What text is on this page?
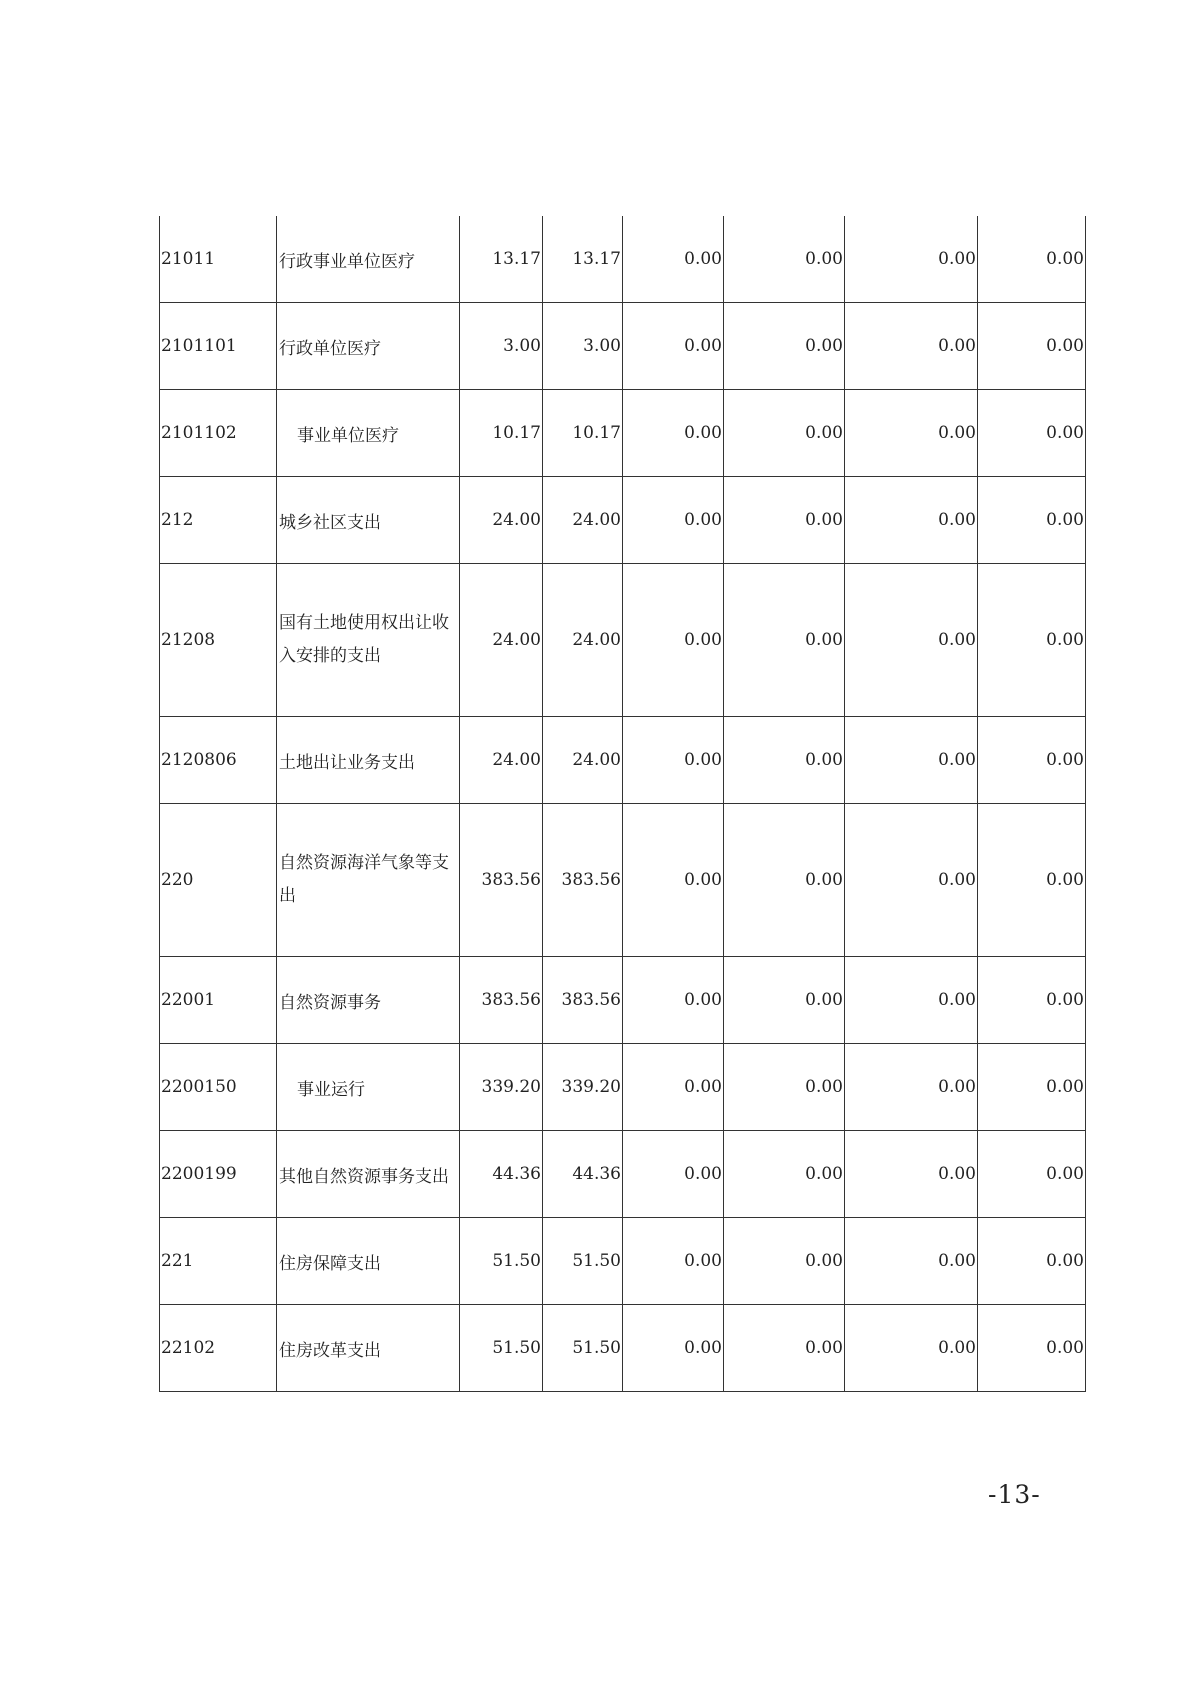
21011	行政事业单位医疗	13.17	13.17	0.00	0.00	0.00	0.00
2101101	行政单位医疗	3.00	3.00	0.00	0.00	0.00	0.00
2101102	事业单位医疗	10.17	10.17	0.00	0.00	0.00	0.00
212	城乡社区支出	24.00	24.00	0.00	0.00	0.00	0.00
21208	国有土地使用权出让收入安排的支出	24.00	24.00	0.00	0.00	0.00	0.00
2120806	土地出让业务支出	24.00	24.00	0.00	0.00	0.00	0.00
220	自然资源海洋气象等支出	383.56	383.56	0.00	0.00	0.00	0.00
22001	自然资源事务	383.56	383.56	0.00	0.00	0.00	0.00
2200150	事业运行	339.20	339.20	0.00	0.00	0.00	0.00
2200199	其他自然资源事务支出	44.36	44.36	0.00	0.00	0.00	0.00
221	住房保障支出	51.50	51.50	0.00	0.00	0.00	0.00
22102	住房改革支出	51.50	51.50	0.00	0.00	0.00	0.00
-13-
